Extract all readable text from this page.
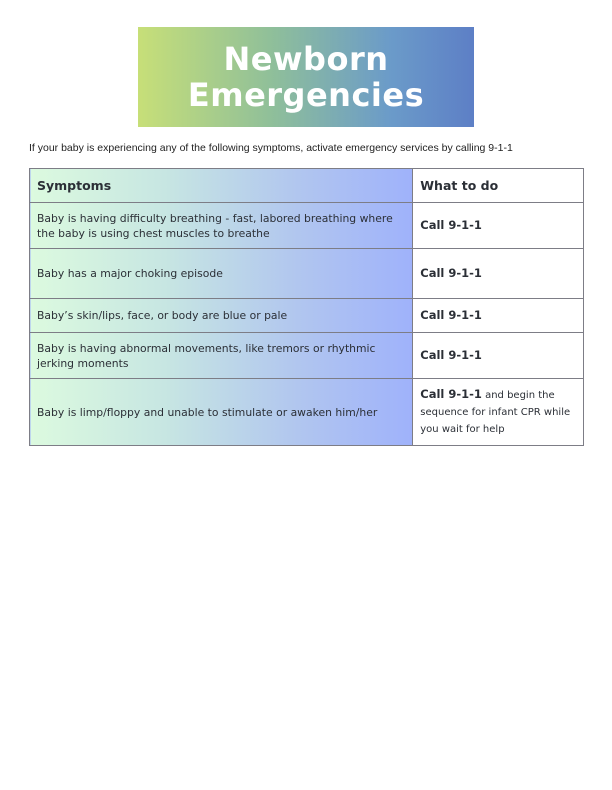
Newborn
Emergencies

If your baby is experiencing any of the following symptoms, activate emergency services by calling 9-1-1

Symptoms	What to do
Baby is having difficulty breathing - fast, labored breathing where the baby is using chest muscles to breathe	Call 9-1-1
Baby has a major choking episode	Call 9-1-1
Baby’s skin/lips, face, or body are blue or pale	Call 9-1-1
Baby is having abnormal movements, like tremors or rhythmic jerking moments	Call 9-1-1
Baby is limp/floppy and unable to stimulate or awaken him/her	Call 9-1-1 and begin the sequence for infant CPR while you wait for help
